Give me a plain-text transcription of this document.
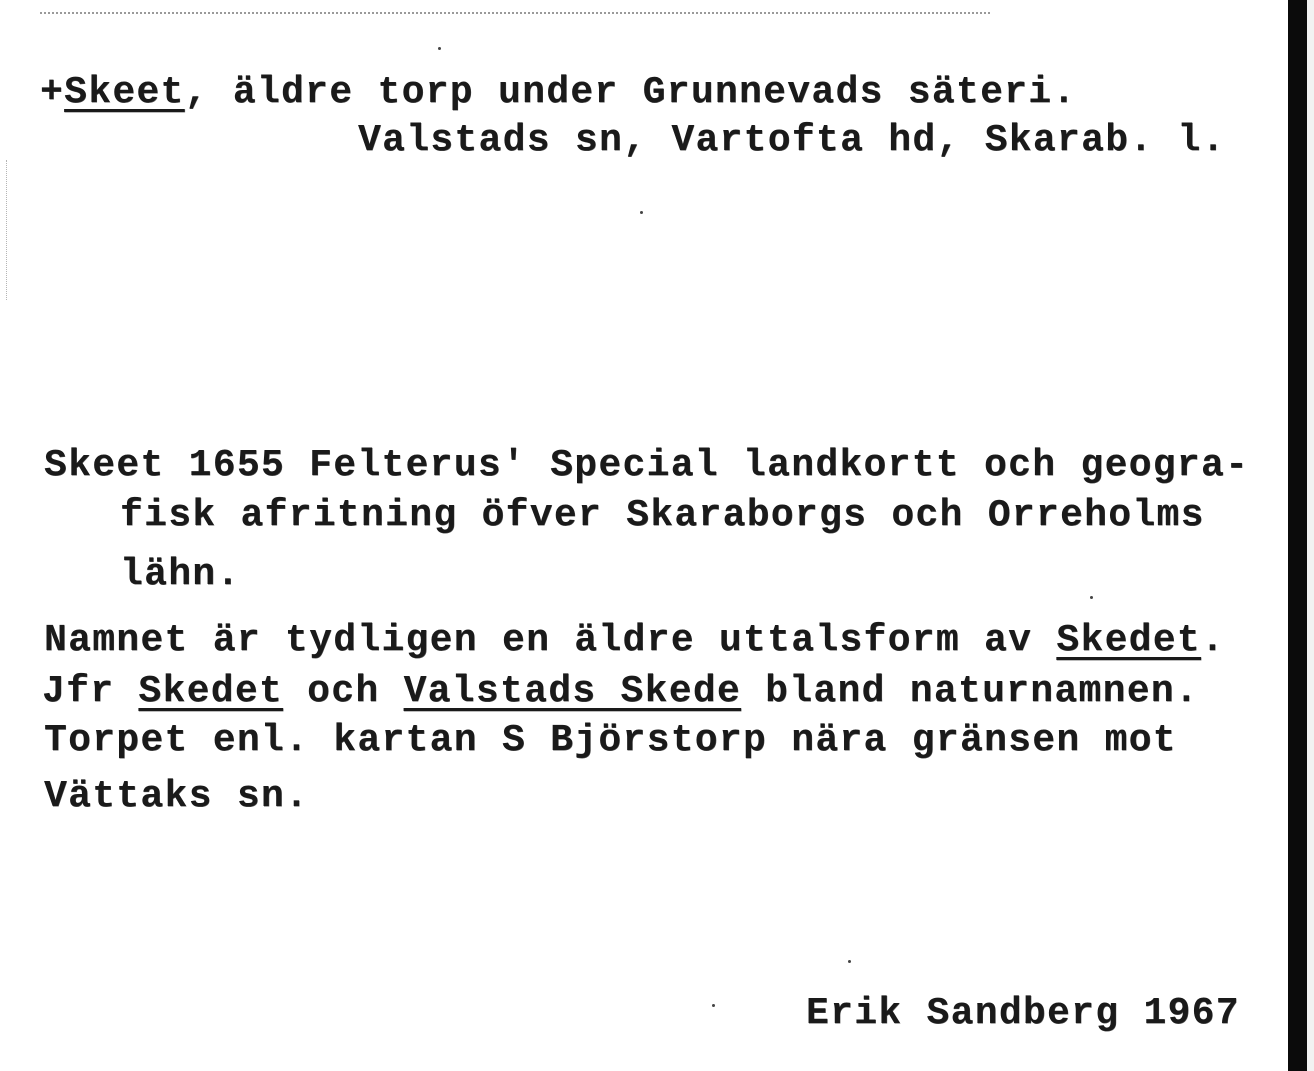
+Skeet, äldre torp under Grunnevads säteri.
Valstads sn, Vartofta hd, Skarab. l.
Skeet 1655 Felterus' Special landkortt och geogra-
fisk afritning öfver Skaraborgs och Orreholms
lähn.
Namnet är tydligen en äldre uttalsform av Skedet.
Jfr Skedet och Valstads Skede bland naturnamnen.
Torpet enl. kartan S Björstorp nära gränsen mot
Vättaks sn.
Erik Sandberg 1967
